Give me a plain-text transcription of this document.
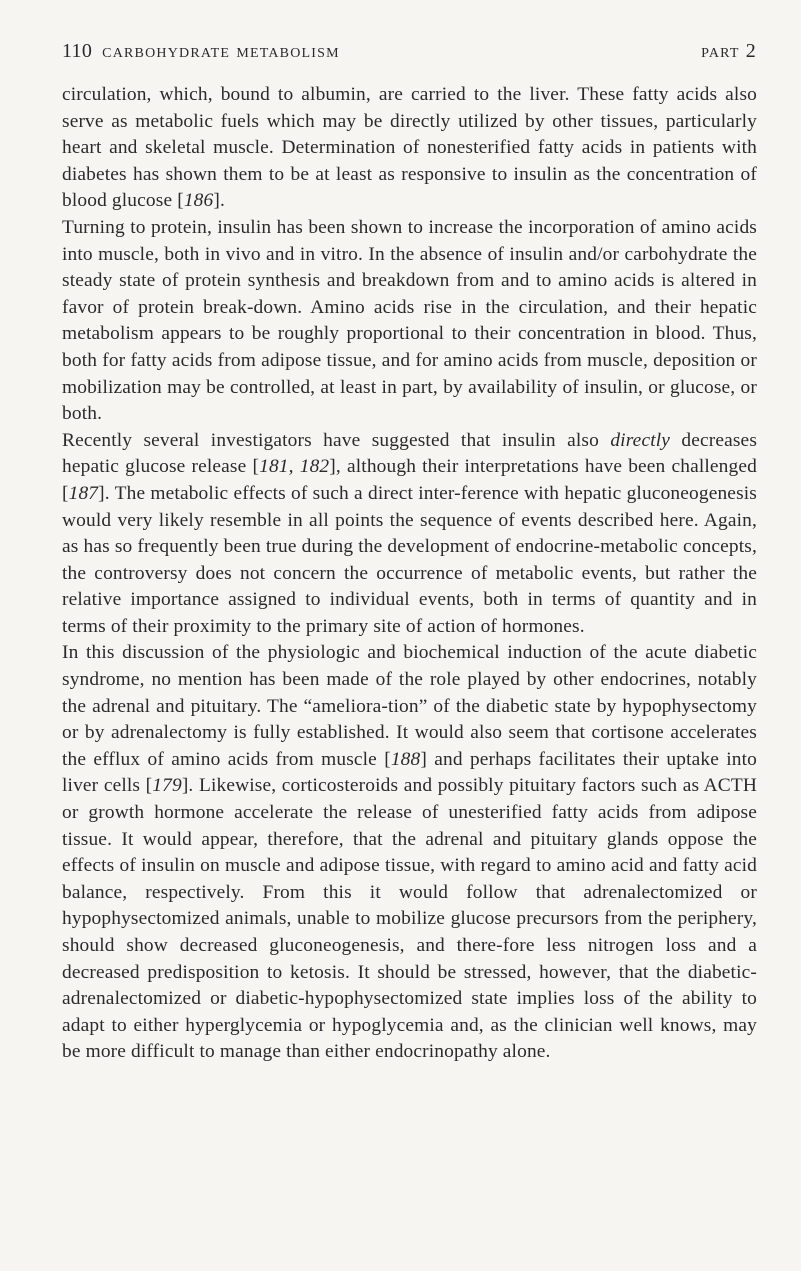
110 carbohydrate metabolism	part 2

circulation, which, bound to albumin, are carried to the liver. These fatty acids also serve as metabolic fuels which may be directly utilized by other tissues, particularly heart and skeletal muscle. Determination of nonesterified fatty acids in patients with diabetes has shown them to be at least as responsive to insulin as the concentration of blood glucose [186].

Turning to protein, insulin has been shown to increase the incorporation of amino acids into muscle, both in vivo and in vitro. In the absence of insulin and/or carbohydrate the steady state of protein synthesis and breakdown from and to amino acids is altered in favor of protein break-down. Amino acids rise in the circulation, and their hepatic metabolism appears to be roughly proportional to their concentration in blood. Thus, both for fatty acids from adipose tissue, and for amino acids from muscle, deposition or mobilization may be controlled, at least in part, by availability of insulin, or glucose, or both.

Recently several investigators have suggested that insulin also directly decreases hepatic glucose release [181, 182], although their interpretations have been challenged [187]. The metabolic effects of such a direct inter-ference with hepatic gluconeogenesis would very likely resemble in all points the sequence of events described here. Again, as has so frequently been true during the development of endocrine-metabolic concepts, the controversy does not concern the occurrence of metabolic events, but rather the relative importance assigned to individual events, both in terms of quantity and in terms of their proximity to the primary site of action of hormones.

In this discussion of the physiologic and biochemical induction of the acute diabetic syndrome, no mention has been made of the role played by other endocrines, notably the adrenal and pituitary. The “ameliora-tion” of the diabetic state by hypophysectomy or by adrenalectomy is fully established. It would also seem that cortisone accelerates the efflux of amino acids from muscle [188] and perhaps facilitates their uptake into liver cells [179]. Likewise, corticosteroids and possibly pituitary factors such as ACTH or growth hormone accelerate the release of unesterified fatty acids from adipose tissue. It would appear, therefore, that the adrenal and pituitary glands oppose the effects of insulin on muscle and adipose tissue, with regard to amino acid and fatty acid balance, respectively. From this it would follow that adrenalectomized or hypophysectomized animals, unable to mobilize glucose precursors from the periphery, should show decreased gluconeogenesis, and there-fore less nitrogen loss and a decreased predisposition to ketosis. It should be stressed, however, that the diabetic-adrenalectomized or diabetic-hypophysectomized state implies loss of the ability to adapt to either hyperglycemia or hypoglycemia and, as the clinician well knows, may be more difficult to manage than either endocrinopathy alone.
